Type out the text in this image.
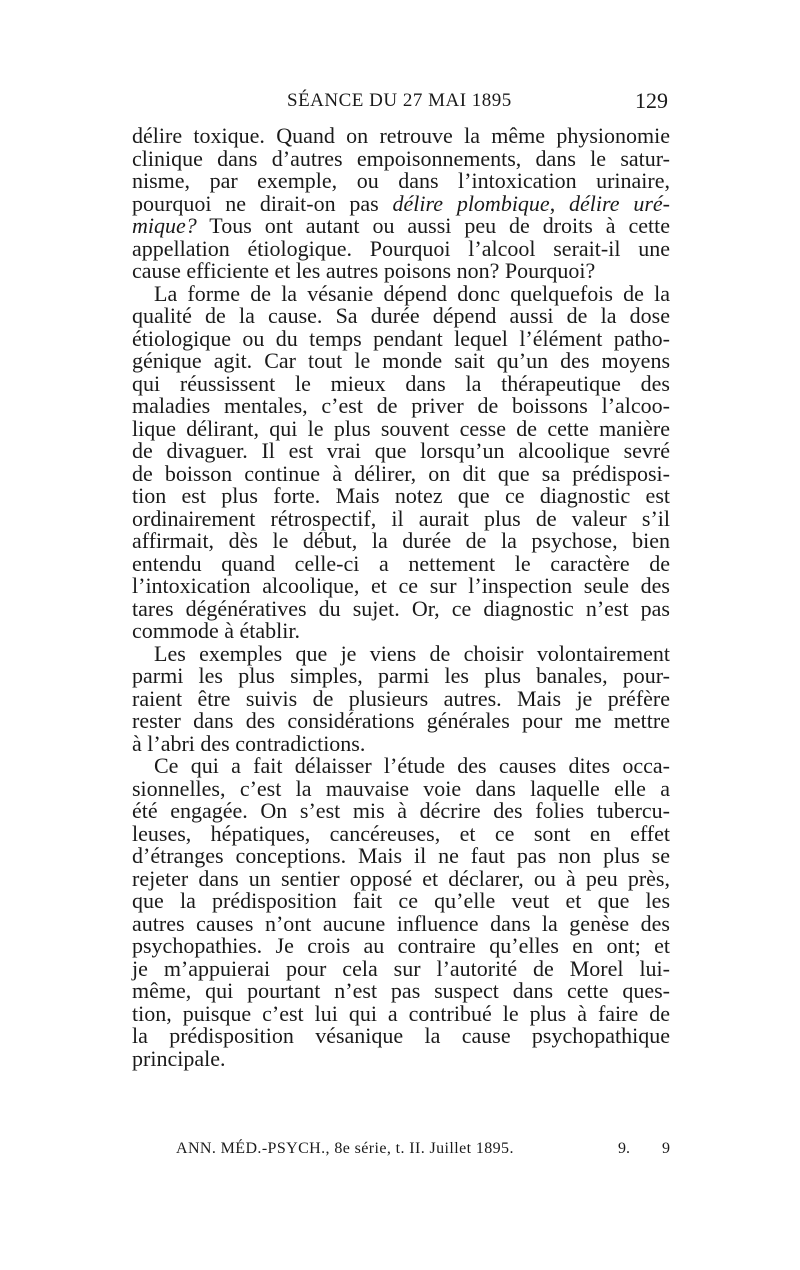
SÉANCE DU 27 MAI 1895	129
délire toxique. Quand on retrouve la même physionomie
clinique dans d’autres empoisonnements, dans le satur-
nisme, par exemple, ou dans l’intoxication urinaire,
pourquoi ne dirait-on pas délire plombique, délire uré-
mique? Tous ont autant ou aussi peu de droits à cette
appellation étiologique. Pourquoi l’alcool serait-il une
cause efficiente et les autres poisons non? Pourquoi?
La forme de la vésanie dépend donc quelquefois de la
qualité de la cause. Sa durée dépend aussi de la dose
étiologique ou du temps pendant lequel l’élément patho-
génique agit. Car tout le monde sait qu’un des moyens
qui réussissent le mieux dans la thérapeutique des
maladies mentales, c’est de priver de boissons l’alcoo-
lique délirant, qui le plus souvent cesse de cette manière
de divaguer. Il est vrai que lorsqu’un alcoolique sevré
de boisson continue à délirer, on dit que sa prédisposi-
tion est plus forte. Mais notez que ce diagnostic est
ordinairement rétrospectif, il aurait plus de valeur s’il
affirmait, dès le début, la durée de la psychose, bien
entendu quand celle-ci a nettement le caractère de
l’intoxication alcoolique, et ce sur l’inspection seule des
tares dégénératives du sujet. Or, ce diagnostic n’est pas
commode à établir.
Les exemples que je viens de choisir volontairement
parmi les plus simples, parmi les plus banales, pour-
raient être suivis de plusieurs autres. Mais je préfère
rester dans des considérations générales pour me mettre
à l’abri des contradictions.
Ce qui a fait délaisser l’étude des causes dites occa-
sionnelles, c’est la mauvaise voie dans laquelle elle a
été engagée. On s’est mis à décrire des folies tubercu-
leuses, hépatiques, cancéreuses, et ce sont en effet
d’étranges conceptions. Mais il ne faut pas non plus se
rejeter dans un sentier opposé et déclarer, ou à peu près,
que la prédisposition fait ce qu’elle veut et que les
autres causes n’ont aucune influence dans la genèse des
psychopathies. Je crois au contraire qu’elles en ont; et
je m’appuierai pour cela sur l’autorité de Morel lui-
même, qui pourtant n’est pas suspect dans cette ques-
tion, puisque c’est lui qui a contribué le plus à faire de
la prédisposition vésanique la cause psychopathique
principale.
ANN. MÉD.-PSYCH., 8e série, t. II. Juillet 1895.	9. 9
